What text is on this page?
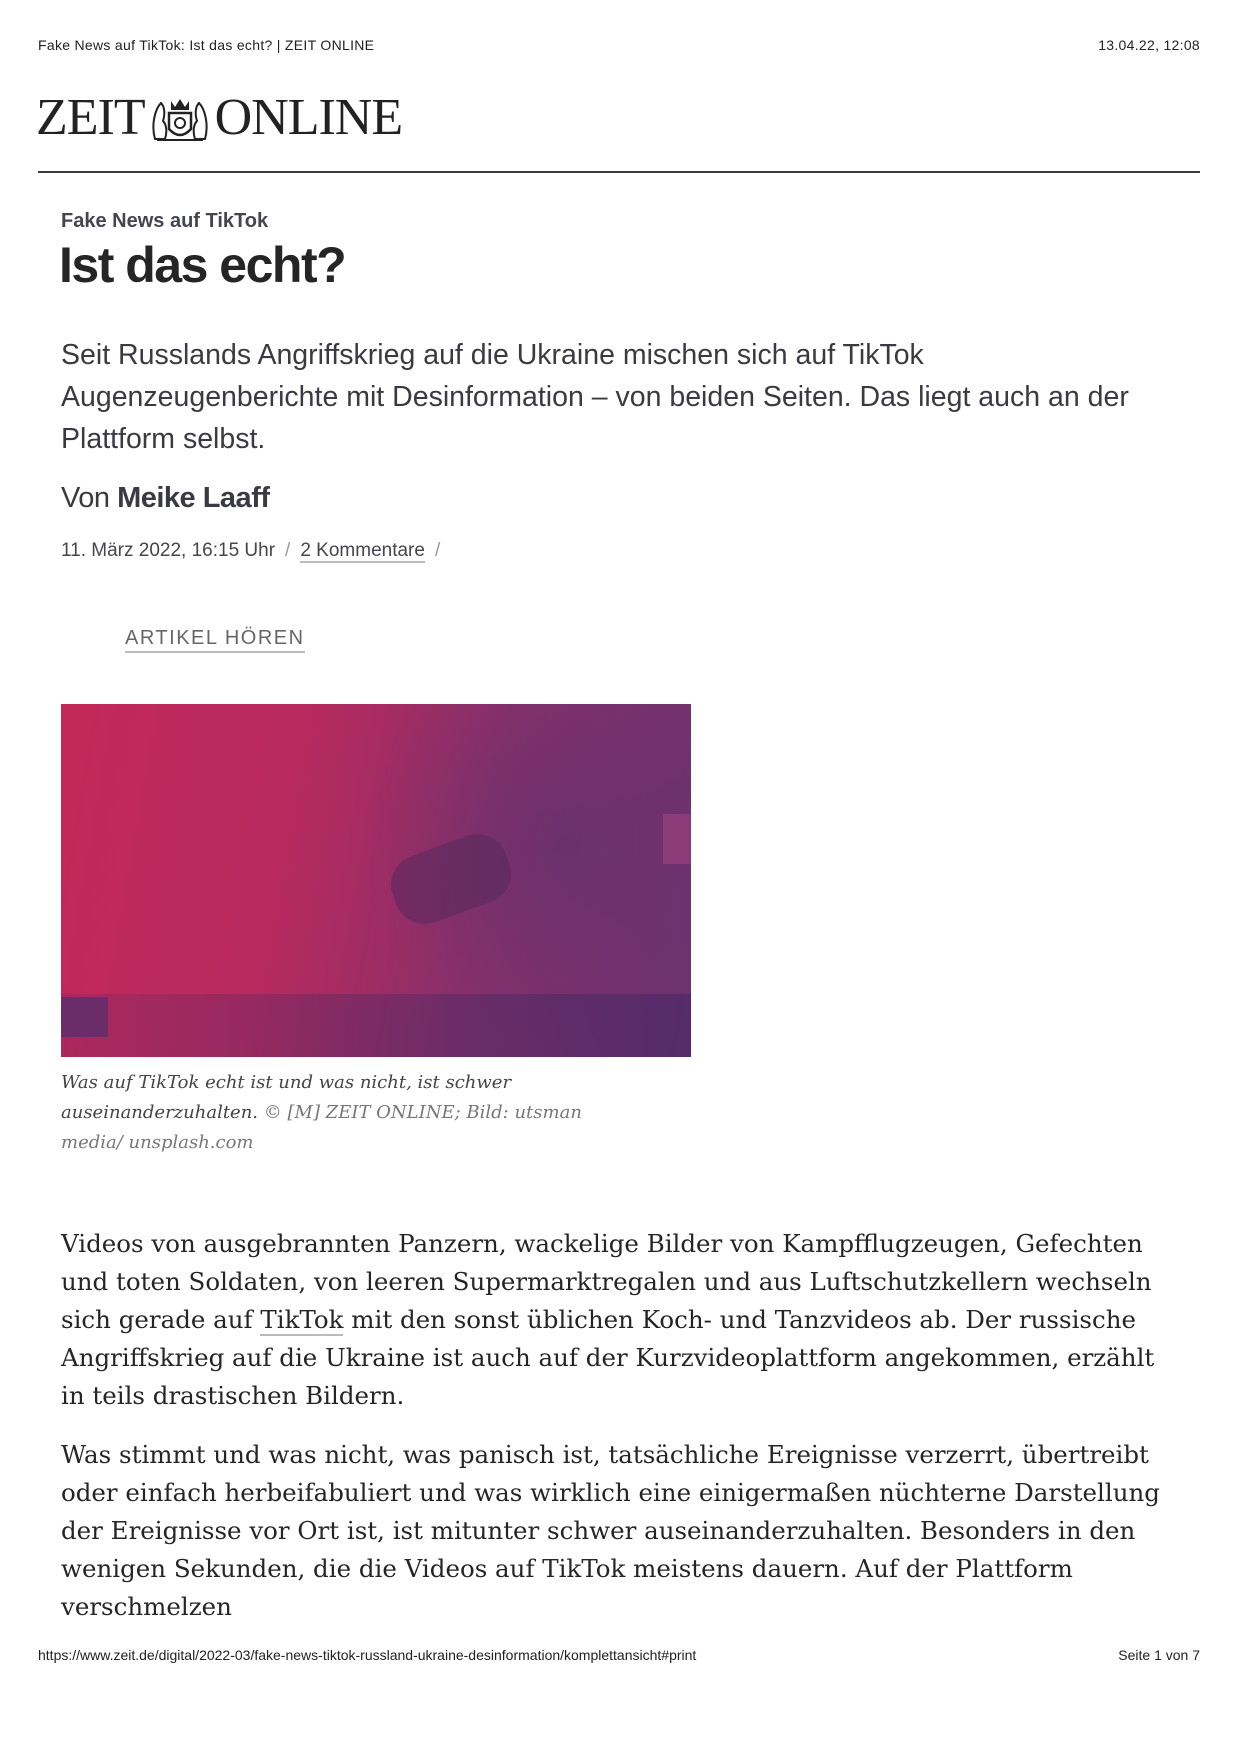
Fake News auf TikTok: Ist das echt? | ZEIT ONLINE	13.04.22, 12:08
ZEIT ONLINE
Fake News auf TikTok
Ist das echt?

Seit Russlands Angriffskrieg auf die Ukraine mischen sich auf TikTok Augenzeugenberichte mit Desinformation – von beiden Seiten. Das liegt auch an der Plattform selbst.

Von Meike Laaff
11. März 2022, 16:15 Uhr / 2 Kommentare /
ARTIKEL HÖREN
Was auf TikTok echt ist und was nicht, ist schwer auseinanderzuhalten. © [M] ZEIT ONLINE; Bild: utsman media/ unsplash.com

Videos von ausgebrannten Panzern, wackelige Bilder von Kampfflugzeugen, Gefechten und toten Soldaten, von leeren Supermarktregalen und aus Luftschutzkellern wechseln sich gerade auf TikTok mit den sonst üblichen Koch- und Tanzvideos ab. Der russische Angriffskrieg auf die Ukraine ist auch auf der Kurzvideoplattform angekommen, erzählt in teils drastischen Bildern.

Was stimmt und was nicht, was panisch ist, tatsächliche Ereignisse verzerrt, übertreibt oder einfach herbeifabuliert und was wirklich eine einigermaßen nüchterne Darstellung der Ereignisse vor Ort ist, ist mitunter schwer auseinanderzuhalten. Besonders in den wenigen Sekunden, die die Videos auf TikTok meistens dauern. Auf der Plattform verschmelzen

https://www.zeit.de/digital/2022-03/fake-news-tiktok-russland-ukraine-desinformation/komplettansicht#print	Seite 1 von 7
